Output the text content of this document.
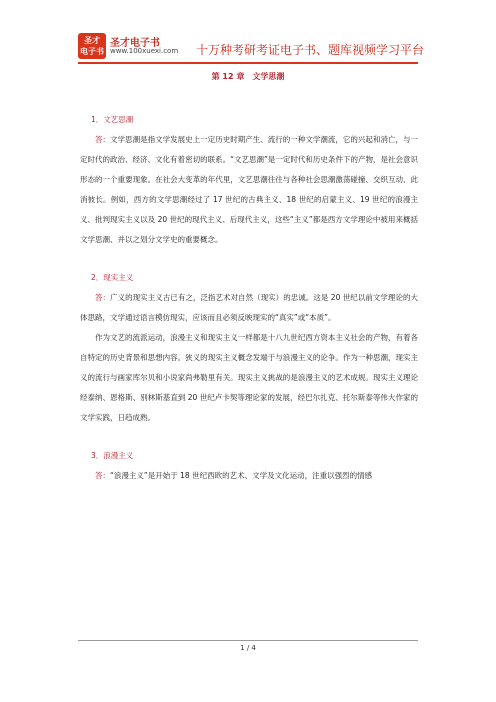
圣才
电子书
圣才电子书
www.100xuexi.com 十万种考研考证电子书、题库视频学习平台
第 12 章　文学思潮

1．文艺思潮

答：文学思潮是指文学发展史上一定历史时期产生、流行的一种文学潮流，它的兴起和消亡，与一定时代的政治、经济、文化有着密切的联系。“文艺思潮”是一定时代和历史条件下的产物，是社会意识形态的一个重要现象。在社会大变革的年代里，文艺思潮往往与各种社会思潮激荡碰撞、交织互动、此消彼长。例如，西方的文学思潮经过了 17 世纪的古典主义、18 世纪的启蒙主义、19 世纪的浪漫主义、批判现实主义以及 20 世纪的现代主义、后现代主义，这些“主义”都是西方文学理论中被用来概括文学思潮、并以之划分文学史的重要概念。

2．现实主义

答：广义的现实主义古已有之，泛指艺术对自然（现实）的忠诚。这是 20 世纪以前文学理论的大体思路，文学通过语言模仿现实，应该而且必须反映现实的“真实”或“本质”。

作为文艺的流派运动，浪漫主义和现实主义一样都是十八九世纪西方资本主义社会的产物，有着各自特定的历史背景和思想内容。狭义的现实主义概念发端于与浪漫主义的论争。作为一种思潮，现实主义的流行与画家库尔贝和小说家尚弗勒里有关。现实主义挑战的是浪漫主义的艺术成规。现实主义理论经泰纳、恩格斯、别林斯基直到 20 世纪卢卡契等理论家的发展，经巴尔扎克、托尔斯泰等伟大作家的文学实践，日趋成熟。

3．浪漫主义

答：“浪漫主义”是开始于 18 世纪西欧的艺术、文学及文化运动，注重以强烈的情感

1 / 4
